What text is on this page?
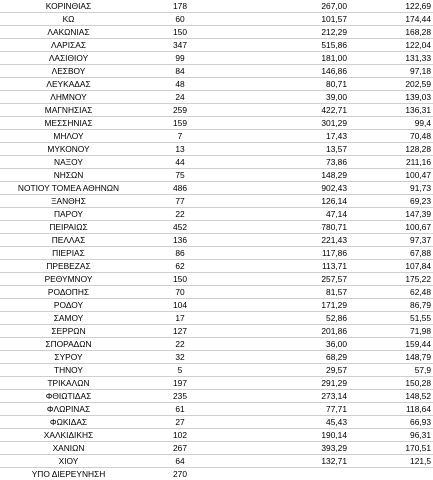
ΚΟΡΙΝΘΙΑΣ	178	267,00	122,69
ΚΩ	60	101,57	174,44
ΛΑΚΩΝΙΑΣ	150	212,29	168,28
ΛΑΡΙΣΑΣ	347	515,86	122,04
ΛΑΣΙΘΙΟΥ	99	181,00	131,33
ΛΕΣΒΟΥ	84	146,86	97,18
ΛΕΥΚΑΔΑΣ	48	80,71	202,59
ΛΗΜΝΟΥ	24	39,00	139,03
ΜΑΓΝΗΣΙΑΣ	259	422,71	136,31
ΜΕΣΣΗΝΙΑΣ	159	301,29	99,4
ΜΗΛΟΥ	7	17,43	70,48
ΜΥΚΟΝΟΥ	13	13,57	128,28
ΝΑΞΟΥ	44	73,86	211,16
ΝΗΣΩΝ	75	148,29	100,47
ΝΟΤΙΟΥ ΤΟΜΕΑ ΑΘΗΝΩΝ	486	902,43	91,73
ΞΑΝΘΗΣ	77	126,14	69,23
ΠΑΡΟΥ	22	47,14	147,39
ΠΕΙΡΑΙΩΣ	452	780,71	100,67
ΠΕΛΛΑΣ	136	221,43	97,37
ΠΙΕΡΙΑΣ	86	117,86	67,88
ΠΡΕΒΕΖΑΣ	62	113,71	107,84
ΡΕΘΥΜΝΟΥ	150	257,57	175,22
ΡΟΔΟΠΗΣ	70	81,57	62,48
ΡΟΔΟΥ	104	171,29	86,79
ΣΑΜΟΥ	17	52,86	51,55
ΣΕΡΡΩΝ	127	201,86	71,98
ΣΠΟΡΑΔΩΝ	22	36,00	159,44
ΣΥΡΟΥ	32	68,29	148,79
ΤΗΝΟΥ	5	29,57	57,9
ΤΡΙΚΑΛΩΝ	197	291,29	150,28
ΦΘΙΩΤΙΔΑΣ	235	273,14	148,52
ΦΛΩΡΙΝΑΣ	61	77,71	118,64
ΦΩΚΙΔΑΣ	27	45,43	66,93
ΧΑΛΚΙΔΙΚΗΣ	102	190,14	96,31
ΧΑΝΙΩΝ	267	393,29	170,51
ΧΙΟΥ	64	132,71	121,5
ΥΠΟ ΔΙΕΡΕΥΝΗΣΗ	270		
